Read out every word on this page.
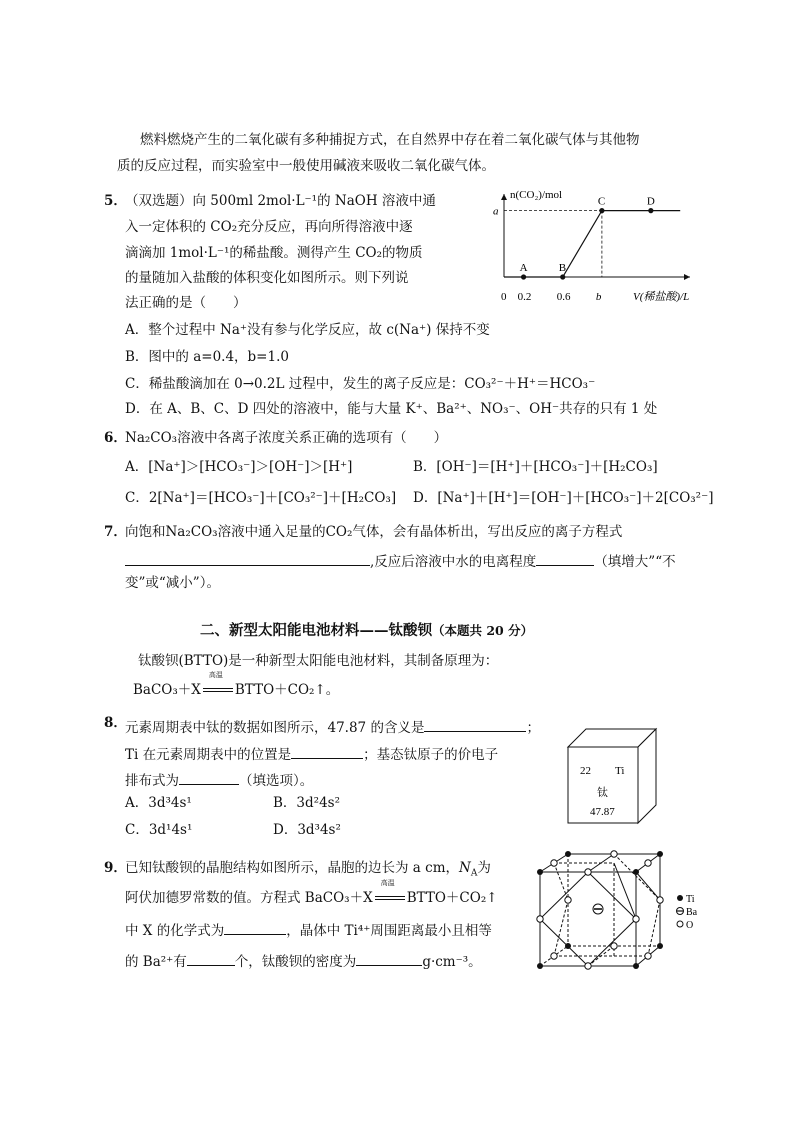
燃料燃烧产生的二氧化碳有多种捕捉方式，在自然界中存在着二氧化碳气体与其他物
质的反应过程，而实验室中一般使用碱液来吸收二氧化碳气体。
5．
（双选题）向 500ml 2mol·L⁻¹的 NaOH 溶液中通
入一定体积的 CO₂充分反应，再向所得溶液中逐
滴滴加 1mol·L⁻¹的稀盐酸。测得产生 CO₂的物质
的量随加入盐酸的体积变化如图所示。则下列说
法正确的是（　　）
A．整个过程中 Na⁺没有参与化学反应，故 c(Na⁺) 保持不变
B．图中的 a=0.4，b=1.0
C．稀盐酸滴加在 0→0.2L 过程中，发生的离子反应是：CO₃²⁻＋H⁺＝HCO₃⁻
D．在 A、B、C、D 四处的溶液中，能与大量 K⁺、Ba²⁺、NO₃⁻、OH⁻共存的只有 1 处
n(CO₂)/mol
V(稀盐酸)/L
0 0.2 0.6 b
a
A	B
C	D
6．
Na₂CO₃溶液中各离子浓度关系正确的选项有（　　）
A．[Na⁺]＞[HCO₃⁻]＞[OH⁻]＞[H⁺]	B．[OH⁻]＝[H⁺]＋[HCO₃⁻]＋[H₂CO₃]
C．2[Na⁺]＝[HCO₃⁻]＋[CO₃²⁻]＋[H₂CO₃] D．[Na⁺]＋[H⁺]＝[OH⁻]＋[HCO₃⁻]＋2[CO₃²⁻]
7．
向饱和Na₂CO₃溶液中通入足量的CO₂气体，会有晶体析出，写出反应的离子方程式
,反应后溶液中水的电离程度	（填增大”“不
变”或“减小”）。
二、新型太阳能电池材料——钛酸钡（本题共 20 分）
钛酸钡(BTTO)是一种新型太阳能电池材料，其制备原理为：
BaCO₃＋X
高温
BTTO＋CO₂↑。
8．
元素周期表中钛的数据如图所示，47.87 的含义是	；
Ti 在元素周期表中的位置是	；基态钛原子的价电子
排布式为	（填选项）。
A．3d³4s¹	B．3d²4s²
C．3d¹4s¹	D．3d³4s²
22 Ti
钛
47.87
9．
已知钛酸钡的晶胞结构如图所示，晶胞的边长为 a cm，$N_A$为
阿伏加德罗常数的值。方程式 BaCO₃＋X
高温
BTTO＋CO₂↑
中 X 的化学式为	，晶体中 Ti⁴⁺周围距离最小且相等
的 Ba²⁺有	个，钛酸钡的密度为	g·cm⁻³。
Ti
Ba
O
